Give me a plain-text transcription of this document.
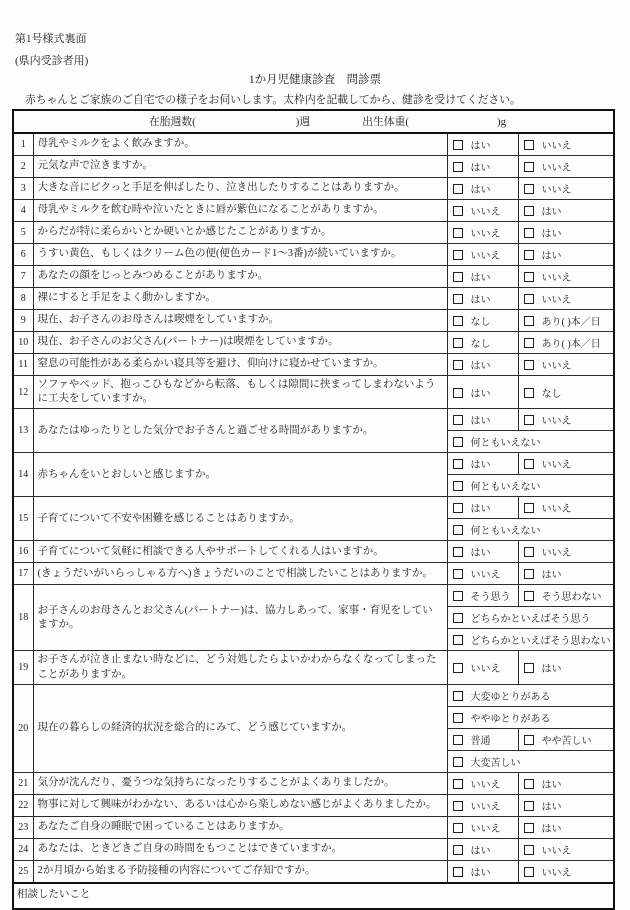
第1号様式裏面
(県内受診者用)
1か月児健康診査　問診票
赤ちゃんとご家族のご自宅での様子をお伺いします。太枠内を記載してから、健診を受けてください。
在胎週数( )週 出生体重( )g			
1	母乳やミルクをよく飲みますか。	はい	いいえ
2	元気な声で泣きますか。	はい	いいえ
3	大きな音にピクっと手足を伸ばしたり、泣き出したりすることはありますか。	はい	いいえ
4	母乳やミルクを飲む時や泣いたときに唇が紫色になることがありますか。	いいえ	はい
5	からだが特に柔らかいとか硬いとか感じたことがありますか。	いいえ	はい
6	うすい黄色、もしくはクリーム色の便(便色カード1～3番)が続いていますか。	いいえ	はい
7	あなたの顔をじっとみつめることがありますか。	はい	いいえ
8	裸にすると手足をよく動かしますか。	はい	いいえ
9	現在、お子さんのお母さんは喫煙をしていますか。	なし	あり( )本／日
10	現在、お子さんのお父さん(パートナー)は喫煙をしていますか。	なし	あり( )本／日
11	窒息の可能性がある柔らかい寝具等を避け、仰向けに寝かせていますか。	はい	いいえ
12	ソファやベッド、抱っこひもなどから転落、もしくは隙間に挟まってしまわないように工夫をしていますか。	はい	なし
13	あなたはゆったりとした気分でお子さんと過ごせる時間がありますか。	はい	いいえ
		何ともいえない	
14	赤ちゃんをいとおしいと感じますか。	はい	いいえ
		何ともいえない	
15	子育てについて不安や困難を感じることはありますか。	はい	いいえ
		何ともいえない	
16	子育てについて気軽に相談できる人やサポートしてくれる人はいますか。	はい	いいえ
17	(きょうだいがいらっしゃる方へ)きょうだいのことで相談したいことはありますか。	いいえ	はい
18	お子さんのお母さんとお父さん(パートナー)は、協力しあって、家事・育児をしていますか。	そう思う	そう思わない
		どちらかといえばそう思う	
		どちらかといえばそう思わない	
19	お子さんが泣き止まない時などに、どう対処したらよいかわからなくなってしまったことがありますか。	いいえ	はい
20	現在の暮らしの経済的状況を総合的にみて、どう感じていますか。	大変ゆとりがある	
		ややゆとりがある	
		普通	やや苦しい
		大変苦しい	
21	気分が沈んだり、憂うつな気持ちになったりすることがよくありましたか。	いいえ	はい
22	物事に対して興味がわかない、あるいは心から楽しめない感じがよくありましたか。	いいえ	はい
23	あなたご自身の睡眠で困っていることはありますか。	いいえ	はい
24	あなたは、ときどきご自身の時間をもつことはできていますか。	はい	いいえ
25	2か月頃から始まる予防接種の内容についてご存知ですか。	はい	いいえ
相談したいこと			
